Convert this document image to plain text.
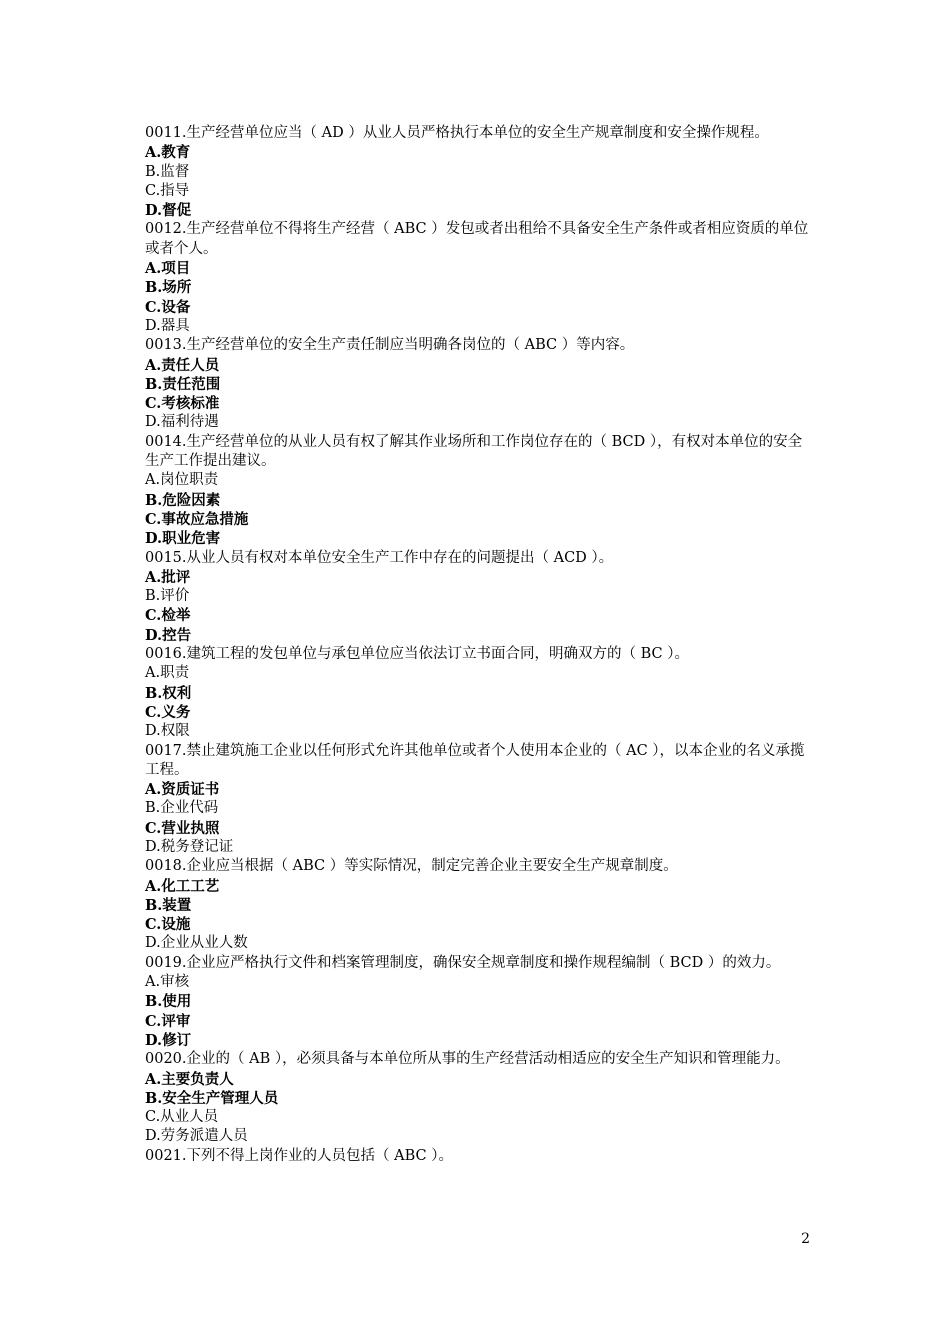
0011.生产经营单位应当（ AD ）从业人员严格执行本单位的安全生产规章制度和安全操作规程。

A.教育

B.监督

C.指导

D.督促

0012.生产经营单位不得将生产经营（ ABC ）发包或者出租给不具备安全生产条件或者相应资质的单位或者个人。

A.项目

B.场所

C.设备

D.器具

0013.生产经营单位的安全生产责任制应当明确各岗位的（ ABC ）等内容。

A.责任人员

B.责任范围

C.考核标准

D.福利待遇

0014.生产经营单位的从业人员有权了解其作业场所和工作岗位存在的（ BCD ），有权对本单位的安全生产工作提出建议。

A.岗位职责

B.危险因素

C.事故应急措施

D.职业危害

0015.从业人员有权对本单位安全生产工作中存在的问题提出（ ACD ）。

A.批评

B.评价

C.检举

D.控告

0016.建筑工程的发包单位与承包单位应当依法订立书面合同，明确双方的（ BC ）。

A.职责

B.权利

C.义务

D.权限

0017.禁止建筑施工企业以任何形式允许其他单位或者个人使用本企业的（ AC ），以本企业的名义承揽工程。

A.资质证书

B.企业代码

C.营业执照

D.税务登记证

0018.企业应当根据（ ABC ）等实际情况，制定完善企业主要安全生产规章制度。

A.化工工艺

B.装置

C.设施

D.企业从业人数

0019.企业应严格执行文件和档案管理制度，确保安全规章制度和操作规程编制（ BCD ）的效力。

A.审核

B.使用

C.评审

D.修订

0020.企业的（ AB ），必须具备与本单位所从事的生产经营活动相适应的安全生产知识和管理能力。

A.主要负责人

B.安全生产管理人员

C.从业人员

D.劳务派遣人员

0021.下列不得上岗作业的人员包括（ ABC ）。

2
